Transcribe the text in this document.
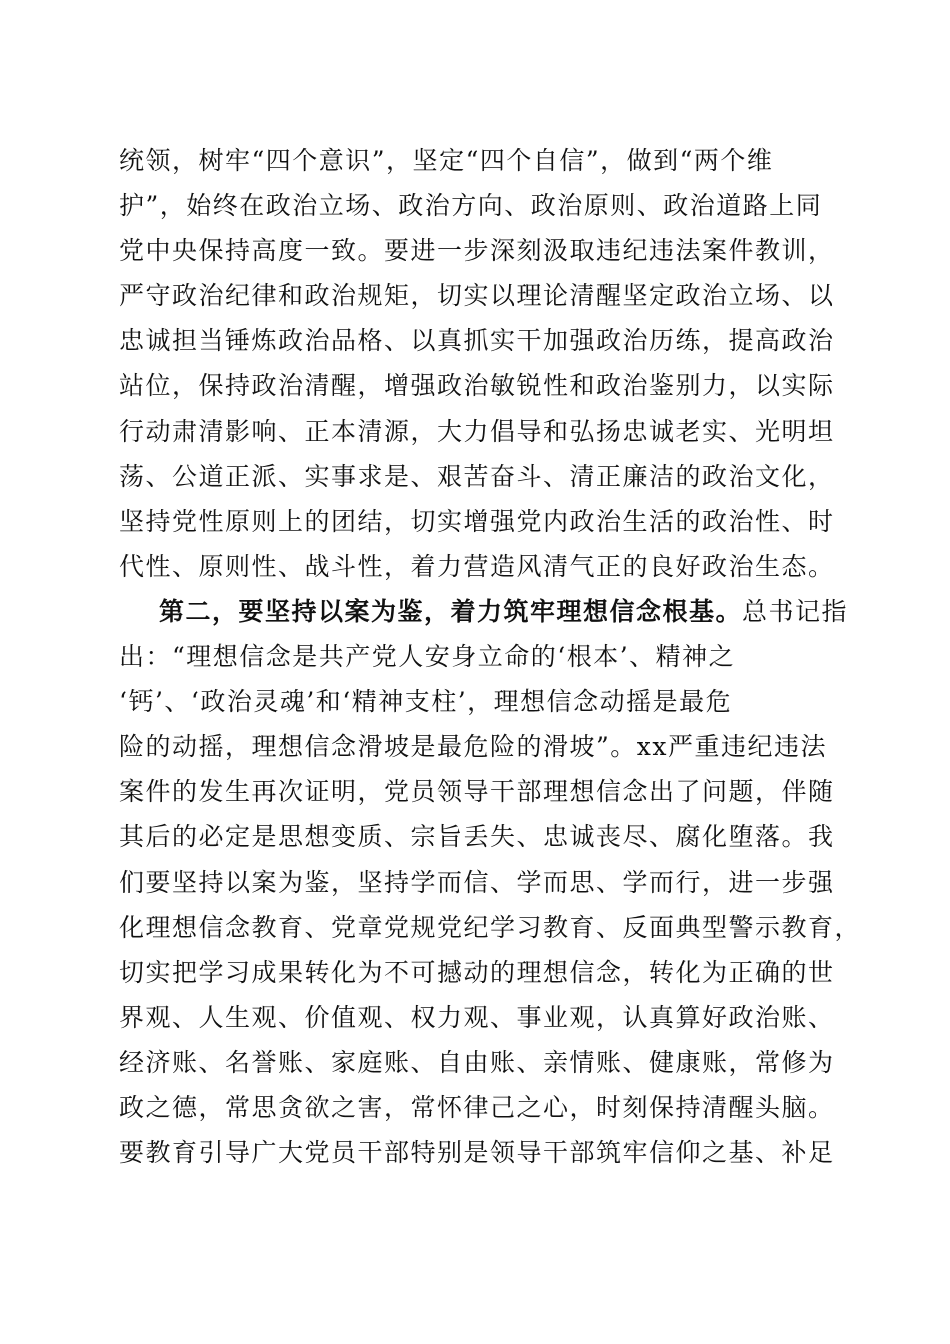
统领，树牢“四个意识”，坚定“四个自信”，做到“两个维
护”，始终在政治立场、政治方向、政治原则、政治道路上同
党中央保持高度一致。要进一步深刻汲取违纪违法案件教训，
严守政治纪律和政治规矩，切实以理论清醒坚定政治立场、以
忠诚担当锤炼政治品格、以真抓实干加强政治历练，提高政治
站位，保持政治清醒，增强政治敏锐性和政治鉴别力，以实际
行动肃清影响、正本清源，大力倡导和弘扬忠诚老实、光明坦
荡、公道正派、实事求是、艰苦奋斗、清正廉洁的政治文化，
坚持党性原则上的团结，切实增强党内政治生活的政治性、时
代性、原则性、战斗性，着力营造风清气正的良好政治生态。
第二，要坚持以案为鉴，着力筑牢理想信念根基。总书记指
出：“理想信念是共产党人安身立命的‘根本’、精神之
‘钙’、‘政治灵魂’和‘精神支柱’，理想信念动摇是最危
险的动摇，理想信念滑坡是最危险的滑坡”。xx严重违纪违法
案件的发生再次证明，党员领导干部理想信念出了问题，伴随
其后的必定是思想变质、宗旨丢失、忠诚丧尽、腐化堕落。我
们要坚持以案为鉴，坚持学而信、学而思、学而行，进一步强
化理想信念教育、党章党规党纪学习教育、反面典型警示教育，
切实把学习成果转化为不可撼动的理想信念，转化为正确的世
界观、人生观、价值观、权力观、事业观，认真算好政治账、
经济账、名誉账、家庭账、自由账、亲情账、健康账，常修为
政之德，常思贪欲之害，常怀律己之心，时刻保持清醒头脑。
要教育引导广大党员干部特别是领导干部筑牢信仰之基、补足
